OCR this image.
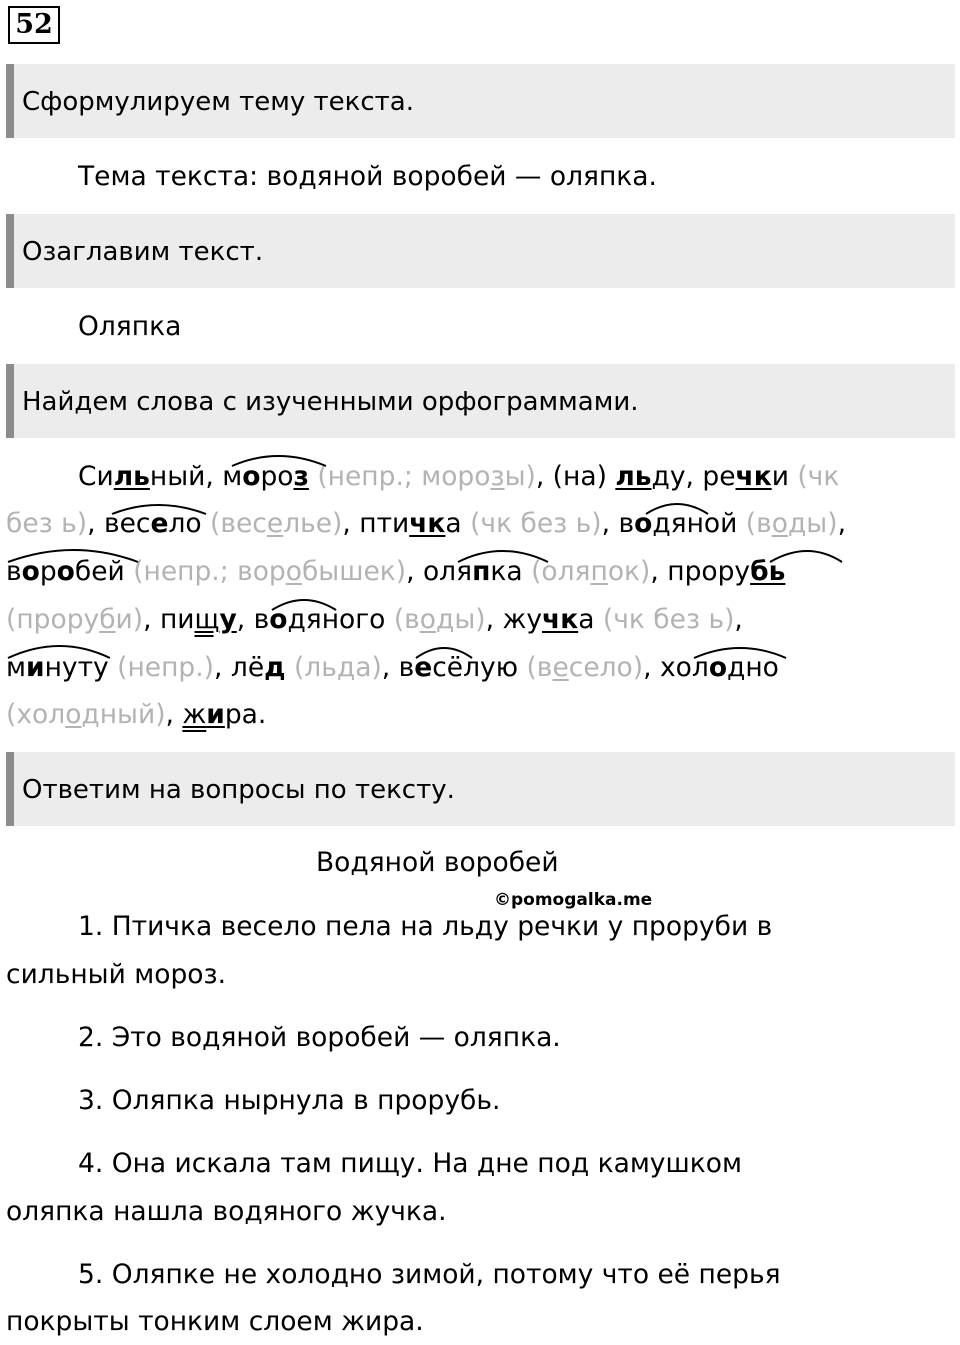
52
Сформулируем тему текста.
Тема текста: водяной воробей — оляпка.
Озаглавим текст.
Оляпка
Найдем слова с изученными орфограммами.
Сильный, мороз (непр.; морозы), (на) льду, речки (чк
без ь), весело (веселье), птичка (чк без ь), водяной (воды),
воробей (непр.; воробышек), оляпка (оляпок), прорубь
(проруби), пищу, водяного (воды), жучка (чк без ь),
минуту (непр.), лёд (льда), весёлую (весело), холодно
(холодный), жира.
Ответим на вопросы по тексту.
Водяной воробей
©pomogalka.me
1. Птичка весело пела на льду речки у проруби в
сильный мороз.
2. Это водяной воробей — оляпка.
3. Оляпка нырнула в прорубь.
4. Она искала там пищу. На дне под камушком
оляпка нашла водяного жучка.
5. Оляпке не холодно зимой, потому что её перья
покрыты тонким слоем жира.
